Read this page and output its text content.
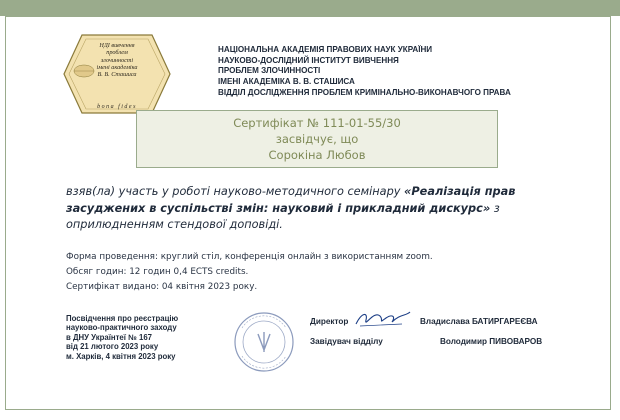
НДІ вивчення
проблем
злочинності
імені академіка
В. В. Сташиса
bona fides
НАЦІОНАЛЬНА АКАДЕМІЯ ПРАВОВИХ НАУК УКРАЇНИ
НАУКОВО-ДОСЛІДНИЙ ІНСТИТУТ ВИВЧЕННЯ
ПРОБЛЕМ ЗЛОЧИННОСТІ
ІМЕНІ АКАДЕМІКА В. В. СТАШИСА
ВІДДІЛ ДОСЛІДЖЕННЯ ПРОБЛЕМ КРИМІНАЛЬНО-ВИКОНАВЧОГО ПРАВА
Сертифікат № 111-01-55/30
засвідчує, що
Сорокіна Любов
взяв(ла) участь у роботі науково-методичного семінару «Реалізація прав засуджених в суспільстві змін: науковий і прикладний дискурс» з оприлюдненням стендової доповіді.
Форма проведення: круглий стіл, конференція онлайн з використанням zoom.
Обсяг годин: 12 годин 0,4 ECTS credits.
Сертифікат видано: 04 квітня 2023 року.
Посвідчення про реєстрацію
науково-практичного заходу
в ДНУ Українтеї № 167
від 21 лютого 2023 року
м. Харків, 4 квітня 2023 року
Директор	Владислава БАТИРГАРЕЄВА
Завідувач відділу	Володимир ПИВОВАРОВ
